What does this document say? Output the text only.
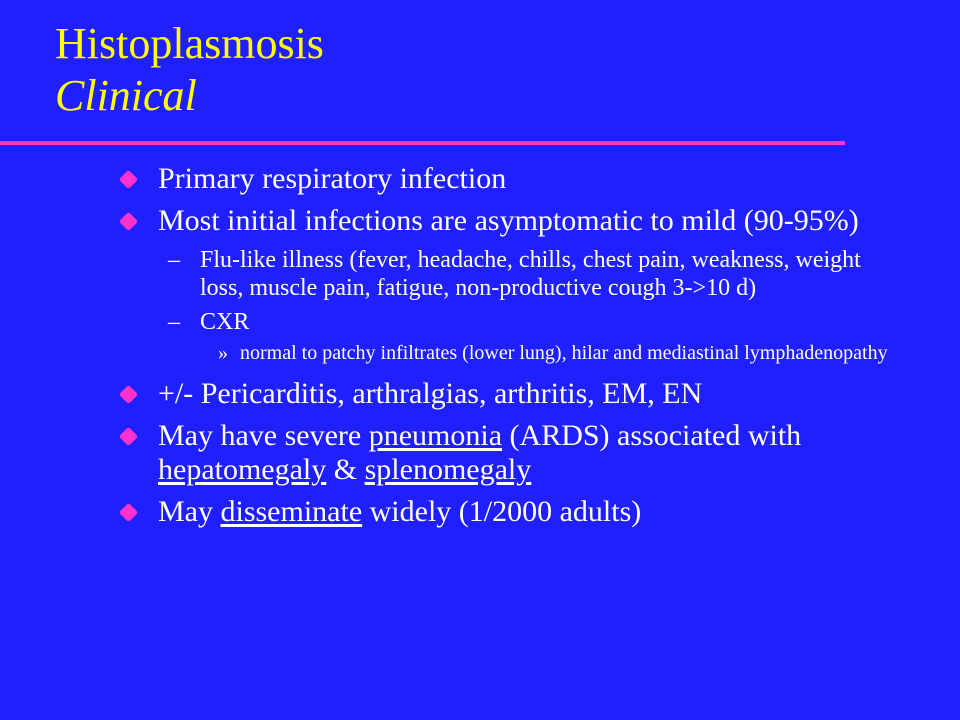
Histoplasmosis
Clinical
Primary respiratory infection
Most initial infections are asymptomatic to mild (90-95%)
– Flu-like illness (fever, headache, chills, chest pain, weakness, weight loss, muscle pain, fatigue, non-productive cough 3->10 d)
– CXR
» normal to patchy infiltrates (lower lung), hilar and mediastinal lymphadenopathy
+/- Pericarditis, arthralgias, arthritis, EM, EN
May have severe pneumonia (ARDS) associated with hepatomegaly & splenomegaly
May disseminate widely (1/2000 adults)
